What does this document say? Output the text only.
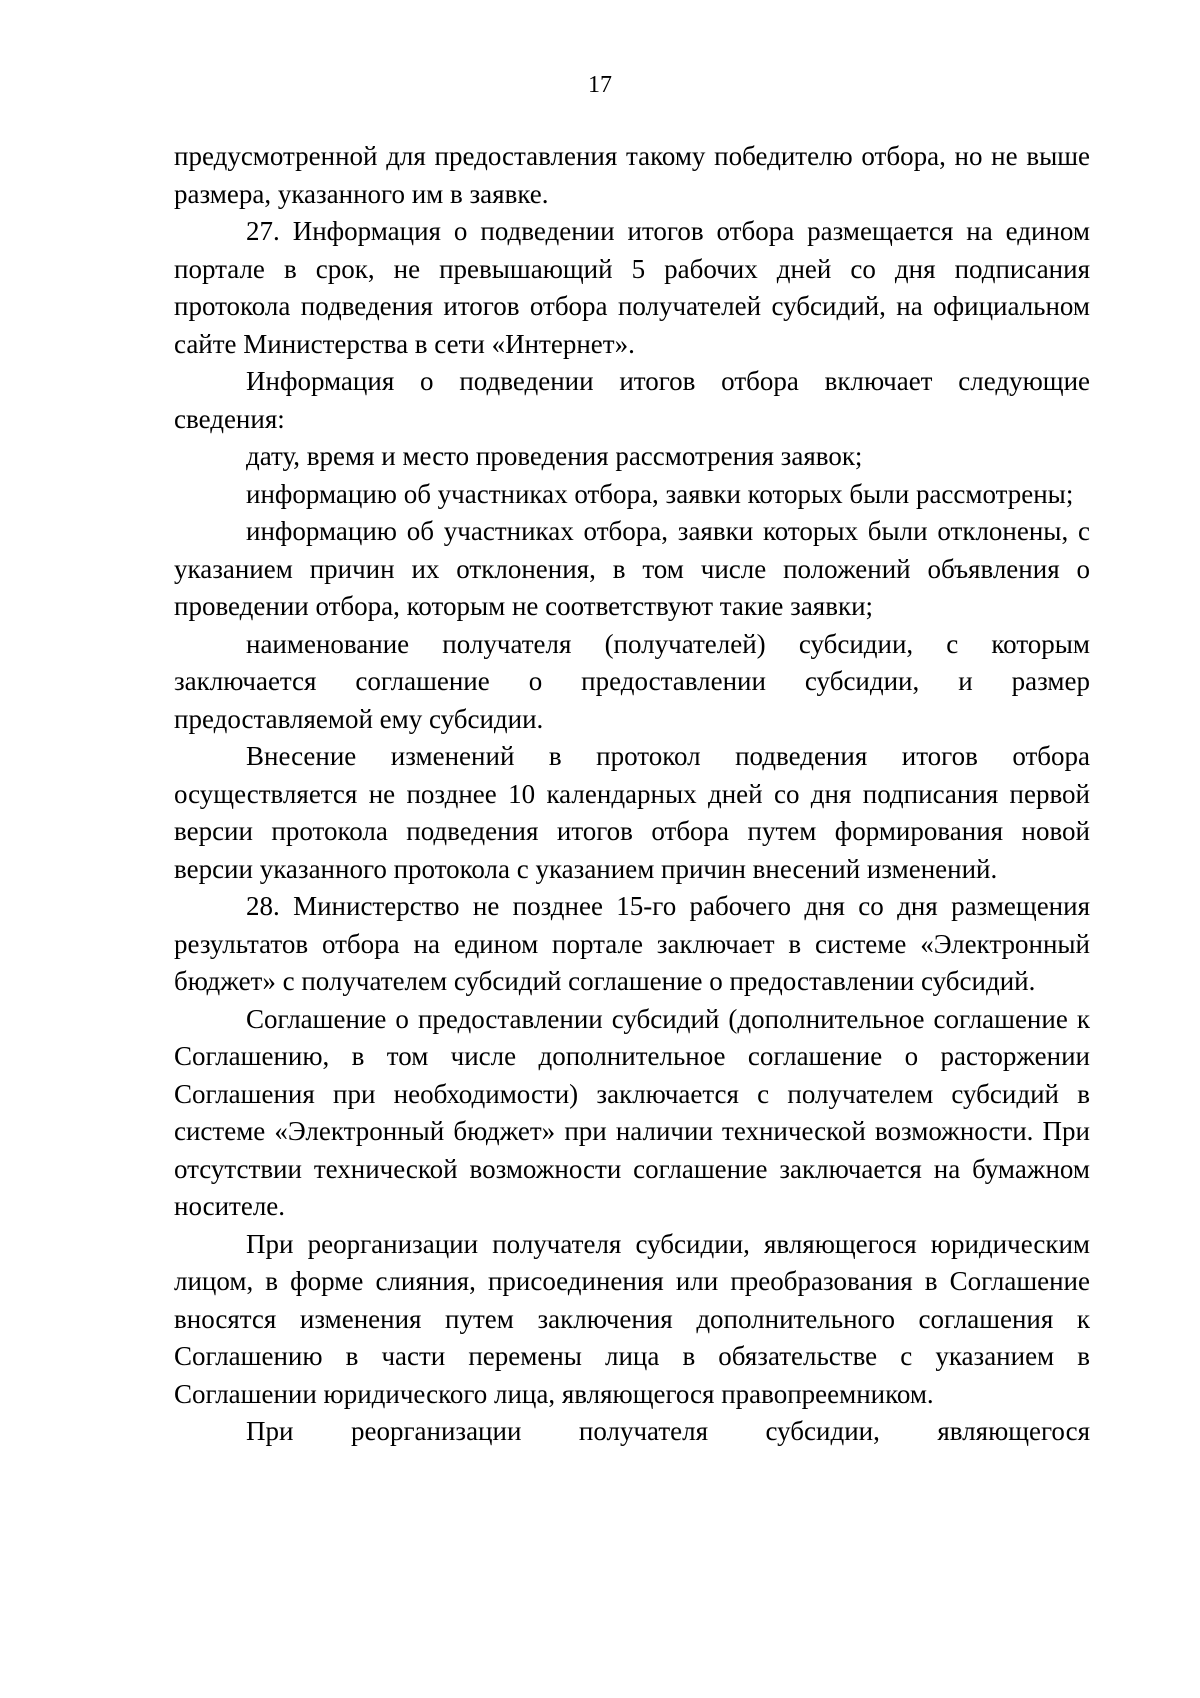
17

предусмотренной для предоставления такому победителю отбора, но не выше размера, указанного им в заявке.

27. Информация о подведении итогов отбора размещается на едином портале в срок, не превышающий 5 рабочих дней со дня подписания протокола подведения итогов отбора получателей субсидий, на официальном сайте Министерства в сети «Интернет».

Информация о подведении итогов отбора включает следующие сведения:

дату, время и место проведения рассмотрения заявок;

информацию об участниках отбора, заявки которых были рассмотрены;

информацию об участниках отбора, заявки которых были отклонены, с указанием причин их отклонения, в том числе положений объявления о проведении отбора, которым не соответствуют такие заявки;

наименование получателя (получателей) субсидии, с которым заключается соглашение о предоставлении субсидии, и размер предоставляемой ему субсидии.

Внесение изменений в протокол подведения итогов отбора осуществляется не позднее 10 календарных дней со дня подписания первой версии протокола подведения итогов отбора путем формирования новой версии указанного протокола с указанием причин внесений изменений.

28. Министерство не позднее 15-го рабочего дня со дня размещения результатов отбора на едином портале заключает в системе «Электронный бюджет» с получателем субсидий соглашение о предоставлении субсидий.

Соглашение о предоставлении субсидий (дополнительное соглашение к Соглашению, в том числе дополнительное соглашение о расторжении Соглашения при необходимости) заключается с получателем субсидий в системе «Электронный бюджет» при наличии технической возможности. При отсутствии технической возможности соглашение заключается на бумажном носителе.

При реорганизации получателя субсидии, являющегося юридическим лицом, в форме слияния, присоединения или преобразования в Соглашение вносятся изменения путем заключения дополнительного соглашения к Соглашению в части перемены лица в обязательстве с указанием в Соглашении юридического лица, являющегося правопреемником.

При реорганизации получателя субсидии, являющегося
